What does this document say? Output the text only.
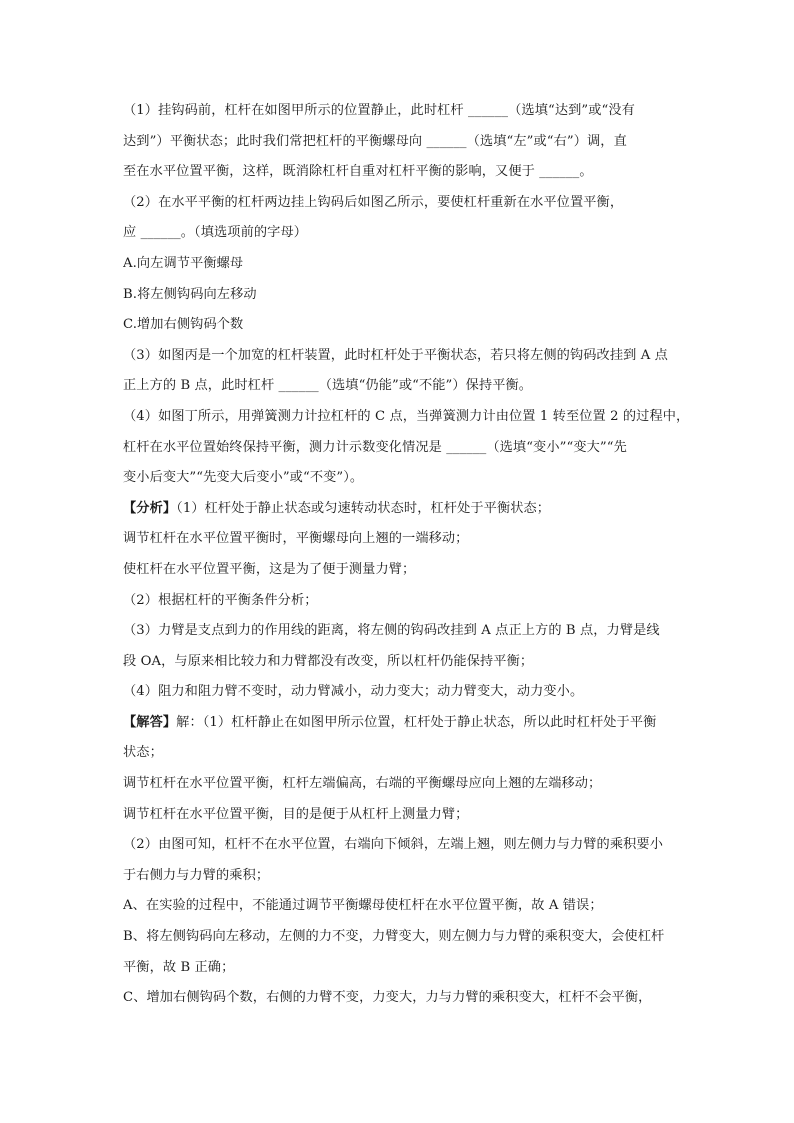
（1）挂钩码前，杠杆在如图甲所示的位置静止，此时杠杆 ______（选填“达到”或“没有

达到”）平衡状态；此时我们常把杠杆的平衡螺母向 ______（选填“左”或“右”）调，直

至在水平位置平衡，这样，既消除杠杆自重对杠杆平衡的影响，又便于 ______。

（2）在水平平衡的杠杆两边挂上钩码后如图乙所示，要使杠杆重新在水平位置平衡，

应 ______。（填选项前的字母）

A.向左调节平衡螺母

B.将左侧钩码向左移动

C.增加右侧钩码个数

（3）如图丙是一个加宽的杠杆装置，此时杠杆处于平衡状态，若只将左侧的钩码改挂到 A 点

正上方的 B 点，此时杠杆 ______（选填“仍能”或“不能”）保持平衡。

（4）如图丁所示，用弹簧测力计拉杠杆的 C 点，当弹簧测力计由位置 1 转至位置 2 的过程中，

杠杆在水平位置始终保持平衡，测力计示数变化情况是 ______（选填“变小”“变大”“先

变小后变大”“先变大后变小”或“不变”）。

【分析】（1）杠杆处于静止状态或匀速转动状态时，杠杆处于平衡状态；

调节杠杆在水平位置平衡时，平衡螺母向上翘的一端移动；

使杠杆在水平位置平衡，这是为了便于测量力臂；

（2）根据杠杆的平衡条件分析；

（3）力臂是支点到力的作用线的距离，将左侧的钩码改挂到 A 点正上方的 B 点，力臂是线

段 OA，与原来相比较力和力臂都没有改变，所以杠杆仍能保持平衡；

（4）阻力和阻力臂不变时，动力臂减小，动力变大；动力臂变大，动力变小。

【解答】解：（1）杠杆静止在如图甲所示位置，杠杆处于静止状态，所以此时杠杆处于平衡

状态；

调节杠杆在水平位置平衡，杠杆左端偏高，右端的平衡螺母应向上翘的左端移动；

调节杠杆在水平位置平衡，目的是便于从杠杆上测量力臂；

（2）由图可知，杠杆不在水平位置，右端向下倾斜，左端上翘，则左侧力与力臂的乘积要小

于右侧力与力臂的乘积；

A、在实验的过程中，不能通过调节平衡螺母使杠杆在水平位置平衡，故 A 错误；

B、将左侧钩码向左移动，左侧的力不变，力臂变大，则左侧力与力臂的乘积变大，会使杠杆

平衡，故 B 正确；

C、增加右侧钩码个数，右侧的力臂不变，力变大，力与力臂的乘积变大，杠杆不会平衡，
